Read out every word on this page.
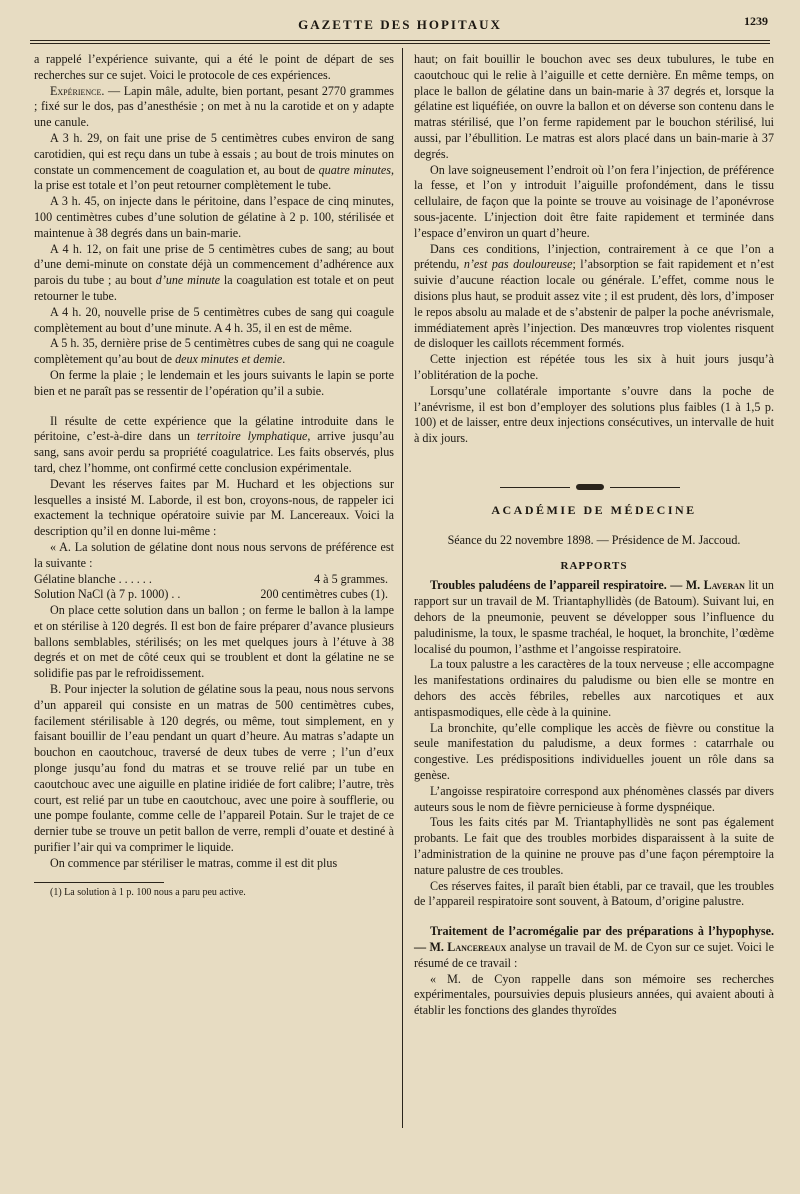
GAZETTE DES HOPITAUX	1239

a rappelé l’expérience suivante, qui a été le point de départ de ses recherches sur ce sujet. Voici le protocole de ces expériences.

Expérience. — Lapin mâle, adulte, bien portant, pesant 2770 grammes ; fixé sur le dos, pas d’anesthésie ; on met à nu la carotide et on y adapte une canule.

A 3 h. 29, on fait une prise de 5 centimètres cubes environ de sang carotidien, qui est reçu dans un tube à essais ; au bout de trois minutes on constate un commencement de coagulation et, au bout de quatre minutes, la prise est totale et l’on peut retourner complètement le tube.

A 3 h. 45, on injecte dans le péritoine, dans l’espace de cinq minutes, 100 centimètres cubes d’une solution de gélatine à 2 p. 100, stérilisée et maintenue à 38 degrés dans un bain-marie.

A 4 h. 12, on fait une prise de 5 centimètres cubes de sang; au bout d’une demi-minute on constate déjà un commencement d’adhérence aux parois du tube ; au bout d’une minute la coagulation est totale et on peut retourner le tube.

A 4 h. 20, nouvelle prise de 5 centimètres cubes de sang qui coagule complètement au bout d’une minute. A 4 h. 35, il en est de même.

A 5 h. 35, dernière prise de 5 centimètres cubes de sang qui ne coagule complètement qu’au bout de deux minutes et demie.

On ferme la plaie ; le lendemain et les jours suivants le lapin se porte bien et ne paraît pas se ressentir de l’opération qu’il a subie.

Il résulte de cette expérience que la gélatine introduite dans le péritoine, c’est-à-dire dans un territoire lymphatique, arrive jusqu’au sang, sans avoir perdu sa propriété coagulatrice. Les faits observés, plus tard, chez l’homme, ont confirmé cette conclusion expérimentale.

Devant les réserves faites par M. Huchard et les objections sur lesquelles a insisté M. Laborde, il est bon, croyons-nous, de rappeler ici exactement la technique opératoire suivie par M. Lancereaux. Voici la description qu’il en donne lui-même :

« A. La solution de gélatine dont nous nous servons de préférence est la suivante :

Gélatine blanche . . . . . .	4 à 5 grammes.
Solution NaCl (à 7 p. 1000) . .	200 centimètres cubes (1).

On place cette solution dans un ballon ; on ferme le ballon à la lampe et on stérilise à 120 degrés. Il est bon de faire préparer d’avance plusieurs ballons semblables, stérilisés; on les met quelques jours à l’étuve à 38 degrés et on met de côté ceux qui se troublent et dont la gélatine ne se solidifie pas par le refroidissement.

B. Pour injecter la solution de gélatine sous la peau, nous nous servons d’un appareil qui consiste en un matras de 500 centimètres cubes, facilement stérilisable à 120 degrés, ou même, tout simplement, en y faisant bouillir de l’eau pendant un quart d’heure. Au matras s’adapte un bouchon en caoutchouc, traversé de deux tubes de verre ; l’un d’eux plonge jusqu’au fond du matras et se trouve relié par un tube en caoutchouc avec une aiguille en platine iridiée de fort calibre; l’autre, très court, est relié par un tube en caoutchouc, avec une poire à soufflerie, ou une pompe foulante, comme celle de l’appareil Potain. Sur le trajet de ce dernier tube se trouve un petit ballon de verre, rempli d’ouate et destiné à purifier l’air qui va comprimer le liquide.

On commence par stériliser le matras, comme il est dit plus

(1) La solution à 1 p. 100 nous a paru peu active.

haut; on fait bouillir le bouchon avec ses deux tubulures, le tube en caoutchouc qui le relie à l’aiguille et cette dernière. En même temps, on place le ballon de gélatine dans un bain-marie à 37 degrés et, lorsque la gélatine est liquéfiée, on ouvre la ballon et on déverse son contenu dans le matras stérilisé, que l’on ferme rapidement par le bouchon stérilisé, lui aussi, par l’ébullition. Le matras est alors placé dans un bain-marie à 37 degrés.

On lave soigneusement l’endroit où l’on fera l’injection, de préférence la fesse, et l’on y introduit l’aiguille profondément, dans le tissu cellulaire, de façon que la pointe se trouve au voisinage de l’aponévrose sous-jacente. L’injection doit être faite rapidement et terminée dans l’espace d’environ un quart d’heure.

Dans ces conditions, l’injection, contrairement à ce que l’on a prétendu, n’est pas douloureuse; l’absorption se fait rapidement et n’est suivie d’aucune réaction locale ou générale. L’effet, comme nous le disions plus haut, se produit assez vite ; il est prudent, dès lors, d’imposer le repos absolu au malade et de s’abstenir de palper la poche anévrismale, immédiatement après l’injection. Des manœuvres trop violentes risquent de disloquer les caillots récemment formés.

Cette injection est répétée tous les six à huit jours jusqu’à l’oblitération de la poche.

Lorsqu’une collatérale importante s’ouvre dans la poche de l’anévrisme, il est bon d’employer des solutions plus faibles (1 à 1,5 p. 100) et de laisser, entre deux injections consécutives, un intervalle de huit à dix jours.

ACADÉMIE DE MÉDECINE

Séance du 22 novembre 1898. — Présidence de M. Jaccoud.

RAPPORTS

Troubles paludéens de l’appareil respiratoire. — M. Laveran lit un rapport sur un travail de M. Triantaphyllidès (de Batoum). Suivant lui, en dehors de la pneumonie, peuvent se développer sous l’influence du paludinisme, la toux, le spasme trachéal, le hoquet, la bronchite, l’œdème localisé du poumon, l’asthme et l’angoisse respiratoire.

La toux palustre a les caractères de la toux nerveuse ; elle accompagne les manifestations ordinaires du paludisme ou bien elle se montre en dehors des accès fébriles, rebelles aux narcotiques et aux antispasmodiques, elle cède à la quinine.

La bronchite, qu’elle complique les accès de fièvre ou constitue la seule manifestation du paludisme, a deux formes : catarrhale ou congestive. Les prédispositions individuelles jouent un rôle dans sa genèse.

L’angoisse respiratoire correspond aux phénomènes classés par divers auteurs sous le nom de fièvre pernicieuse à forme dyspnéique.

Tous les faits cités par M. Triantaphyllidès ne sont pas également probants. Le fait que des troubles morbides disparaissent à la suite de l’administration de la quinine ne prouve pas d’une façon péremptoire la nature palustre de ces troubles.

Ces réserves faites, il paraît bien établi, par ce travail, que les troubles de l’appareil respiratoire sont souvent, à Batoum, d’origine palustre.

Traitement de l’acromégalie par des préparations à l’hypophyse. — M. Lancereaux analyse un travail de M. de Cyon sur ce sujet. Voici le résumé de ce travail :

« M. de Cyon rappelle dans son mémoire ses recherches expérimentales, poursuivies depuis plusieurs années, qui avaient abouti à établir les fonctions des glandes thyroïdes
